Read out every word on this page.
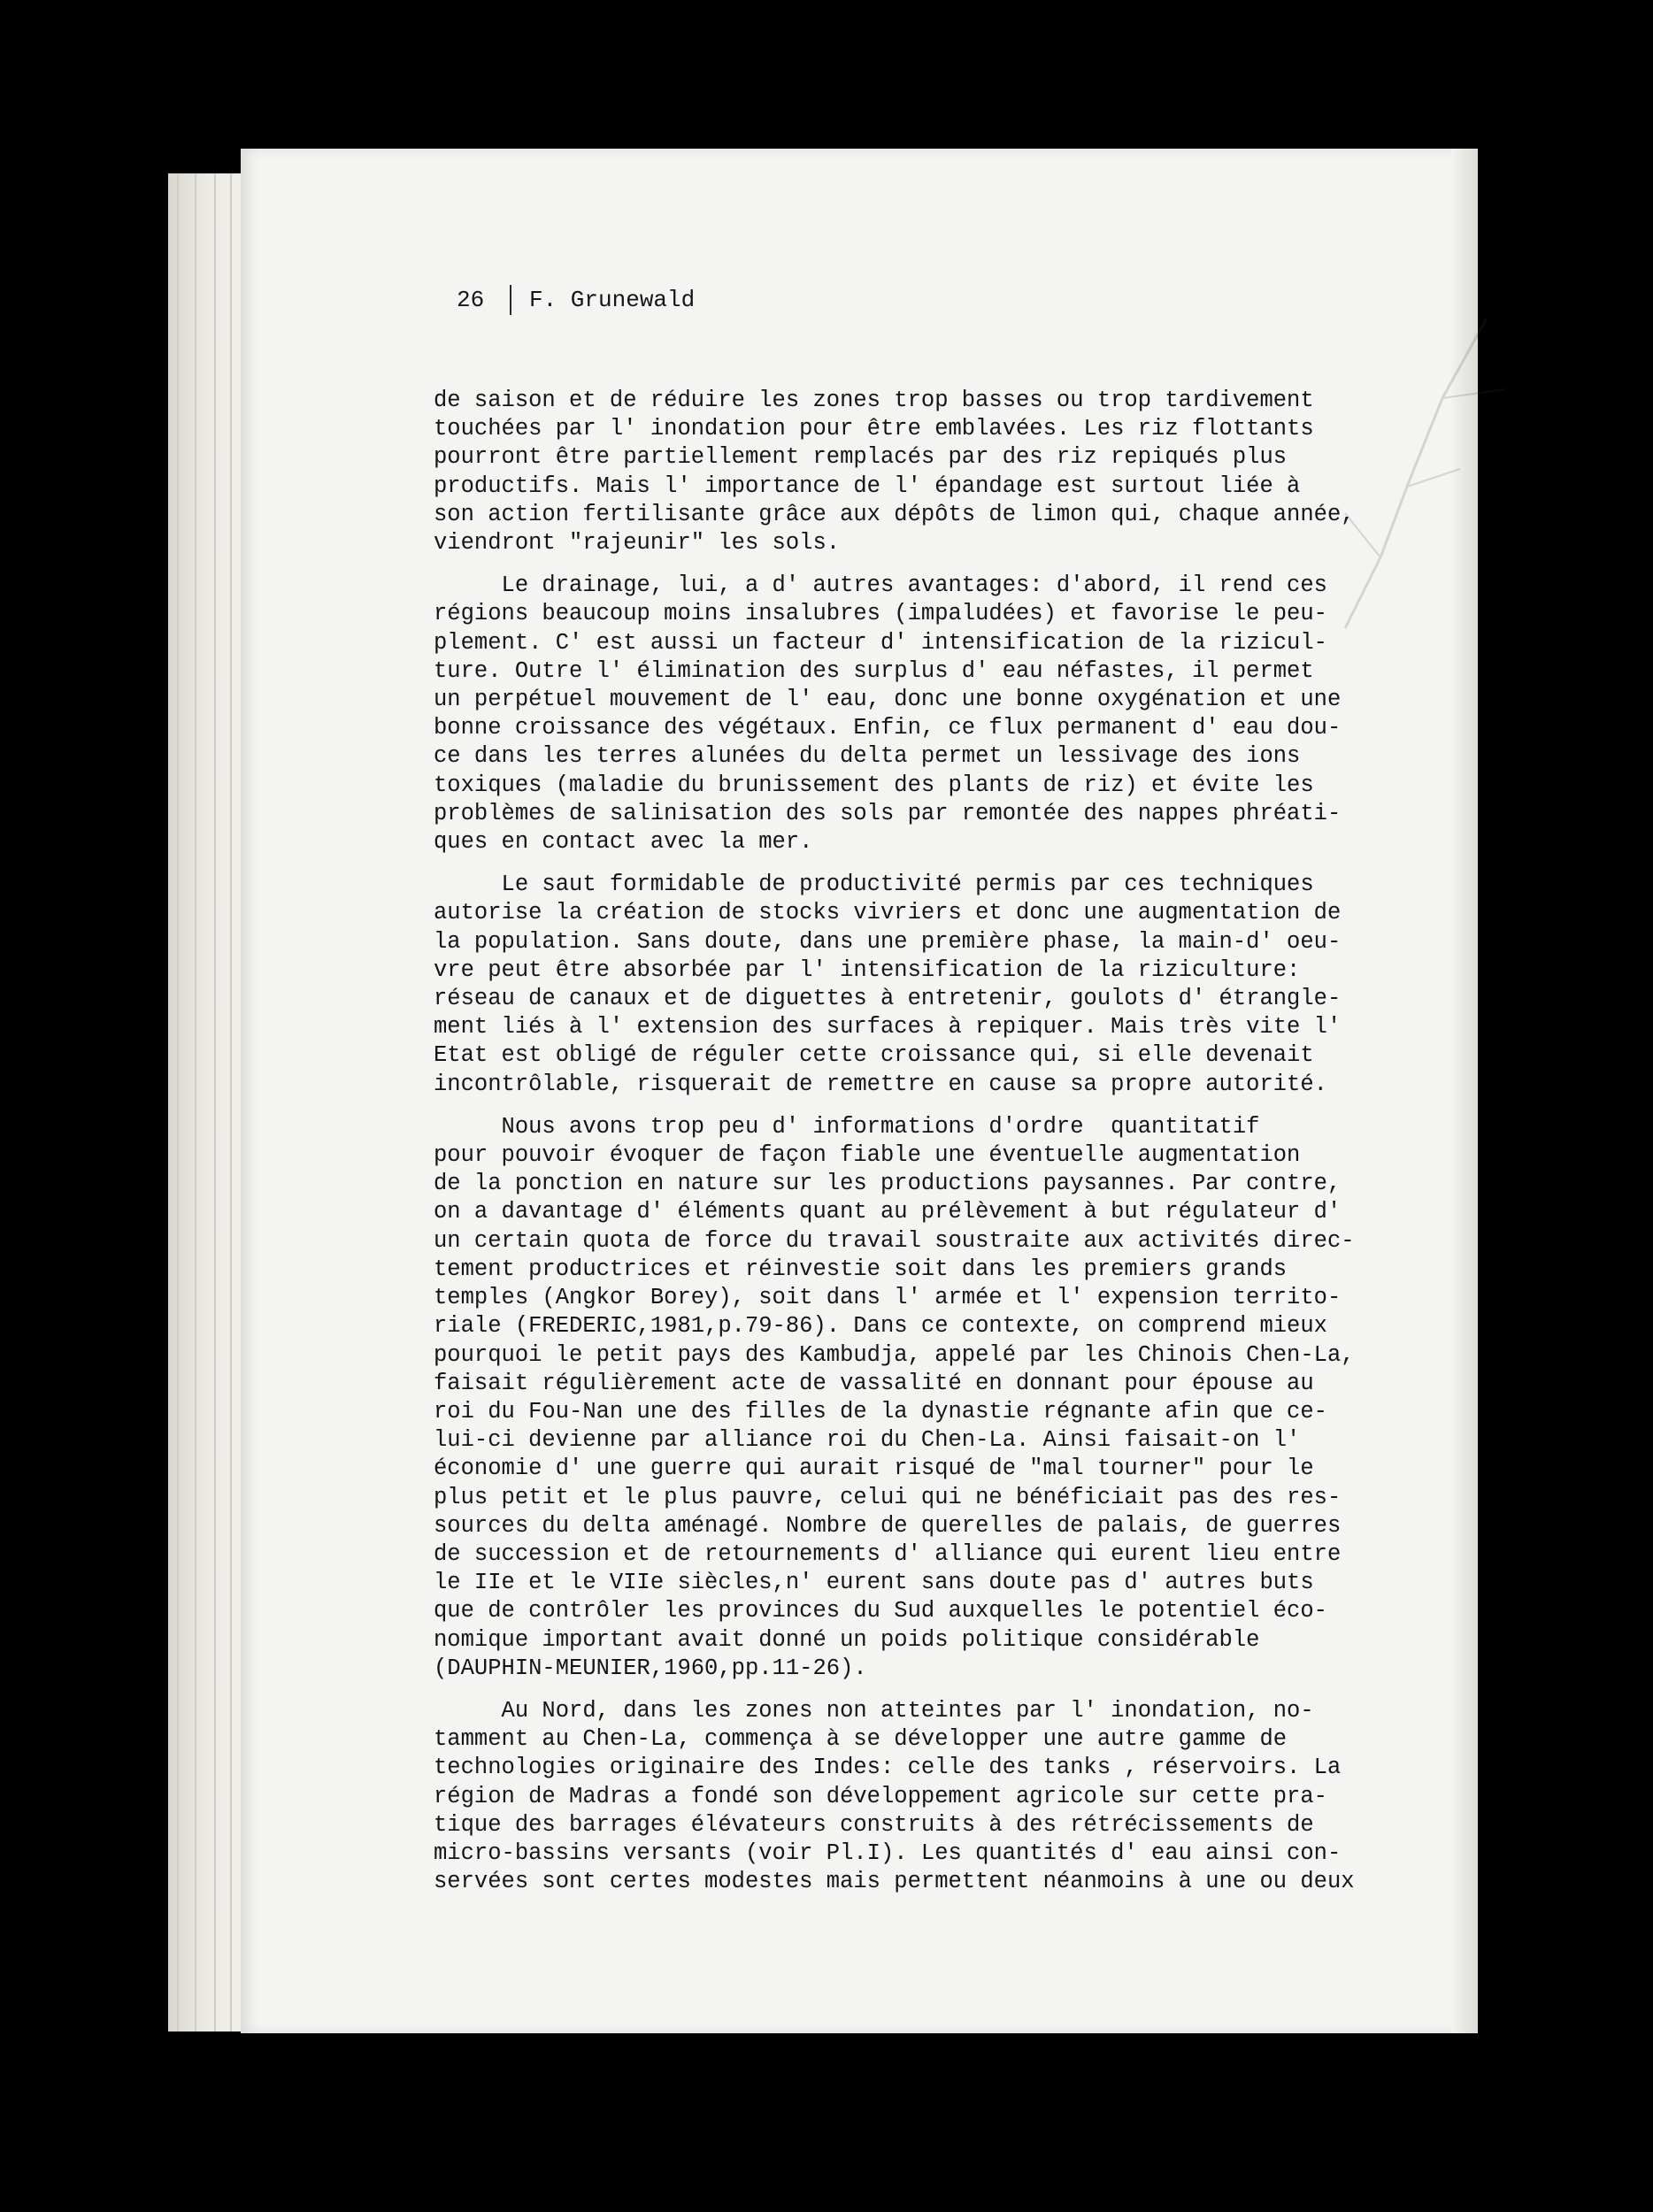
26	F. Grunewald
de saison et de réduire les zones trop basses ou trop tardivement
touchées par l' inondation pour être emblavées. Les riz flottants
pourront être partiellement remplacés par des riz repiqués plus
productifs. Mais l' importance de l' épandage est surtout liée à
son action fertilisante grâce aux dépôts de limon qui, chaque année,
viendront "rajeunir" les sols.
Le drainage, lui, a d' autres avantages: d'abord, il rend ces
régions beaucoup moins insalubres (impaludées) et favorise le peu-
plement. C' est aussi un facteur d' intensification de la rizicul-
ture. Outre l' élimination des surplus d' eau néfastes, il permet
un perpétuel mouvement de l' eau, donc une bonne oxygénation et une
bonne croissance des végétaux. Enfin, ce flux permanent d' eau dou-
ce dans les terres alunées du delta permet un lessivage des ions
toxiques (maladie du brunissement des plants de riz) et évite les
problèmes de salinisation des sols par remontée des nappes phréati-
ques en contact avec la mer.
Le saut formidable de productivité permis par ces techniques
autorise la création de stocks vivriers et donc une augmentation de
la population. Sans doute, dans une première phase, la main-d' oeu-
vre peut être absorbée par l' intensification de la riziculture:
réseau de canaux et de diguettes à entretenir, goulots d' étrangle-
ment liés à l' extension des surfaces à repiquer. Mais très vite l'
Etat est obligé de réguler cette croissance qui, si elle devenait
incontrôlable, risquerait de remettre en cause sa propre autorité.
Nous avons trop peu d' informations d'ordre  quantitatif
pour pouvoir évoquer de façon fiable une éventuelle augmentation
de la ponction en nature sur les productions paysannes. Par contre,
on a davantage d' éléments quant au prélèvement à but régulateur d'
un certain quota de force du travail soustraite aux activités direc-
tement productrices et réinvestie soit dans les premiers grands
temples (Angkor Borey), soit dans l' armée et l' expension territo-
riale (FREDERIC,1981,p.79-86). Dans ce contexte, on comprend mieux
pourquoi le petit pays des Kambudja, appelé par les Chinois Chen-La,
faisait régulièrement acte de vassalité en donnant pour épouse au
roi du Fou-Nan une des filles de la dynastie régnante afin que ce-
lui-ci devienne par alliance roi du Chen-La. Ainsi faisait-on l'
économie d' une guerre qui aurait risqué de "mal tourner" pour le
plus petit et le plus pauvre, celui qui ne bénéficiait pas des res-
sources du delta aménagé. Nombre de querelles de palais, de guerres
de succession et de retournements d' alliance qui eurent lieu entre
le IIe et le VIIe siècles,n' eurent sans doute pas d' autres buts
que de contrôler les provinces du Sud auxquelles le potentiel éco-
nomique important avait donné un poids politique considérable
(DAUPHIN-MEUNIER,1960,pp.11-26).
Au Nord, dans les zones non atteintes par l' inondation, no-
tamment au Chen-La, commença à se développer une autre gamme de
technologies originaire des Indes: celle des tanks , réservoirs. La
région de Madras a fondé son développement agricole sur cette pra-
tique des barrages élévateurs construits à des rétrécissements de
micro-bassins versants (voir Pl.I). Les quantités d' eau ainsi con-
servées sont certes modestes mais permettent néanmoins à une ou deux
